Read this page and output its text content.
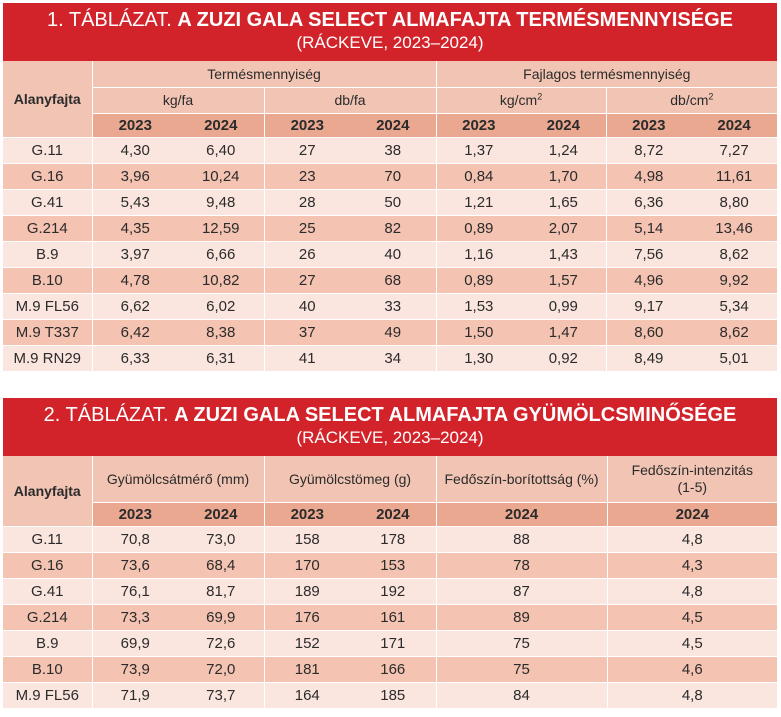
1. TÁBLÁZAT. A ZUZI GALA SELECT ALMAFAJTA TERMÉSMENNYISÉGE
(RÁCKEVE, 2023–2024)
Alanyfajta	Termésmennyiség				Fajlagos termésmennyiség			
	kg/fa		db/fa		$kg/cm^2$		$db/cm^2$
	2023	2024	2023	2024	2023	2024	2023	2024
G.11	4,30	6,40	27	38	1,37	1,24	8,72	7,27
G.16	3,96	10,24	23	70	0,84	1,70	4,98	11,61
G.41	5,43	9,48	28	50	1,21	1,65	6,36	8,80
G.214	4,35	12,59	25	82	0,89	2,07	5,14	13,46
B.9	3,97	6,66	26	40	1,16	1,43	7,56	8,62
B.10	4,78	10,82	27	68	0,89	1,57	4,96	9,92
M.9 FL56	6,62	6,02	40	33	1,53	0,99	9,17	5,34
M.9 T337	6,42	8,38	37	49	1,50	1,47	8,60	8,62
M.9 RN29	6,33	6,31	41	34	1,30	0,92	8,49	5,01
2. TÁBLÁZAT. A ZUZI GALA SELECT ALMAFAJTA GYÜMÖLCSMINŐSÉGE
(RÁCKEVE, 2023–2024)
Alanyfajta	Gyümölcsátmérő (mm)		Gyümölcstömeg (g)		Fedőszín-borítottság (%)	Fedőszín-intenzitás
(1-5)
	2023	2024	2023	2024	2024	2024
G.11	70,8	73,0	158	178	88	4,8
G.16	73,6	68,4	170	153	78	4,3
G.41	76,1	81,7	189	192	87	4,8
G.214	73,3	69,9	176	161	89	4,5
B.9	69,9	72,6	152	171	75	4,5
B.10	73,9	72,0	181	166	75	4,6
M.9 FL56	71,9	73,7	164	185	84	4,8
